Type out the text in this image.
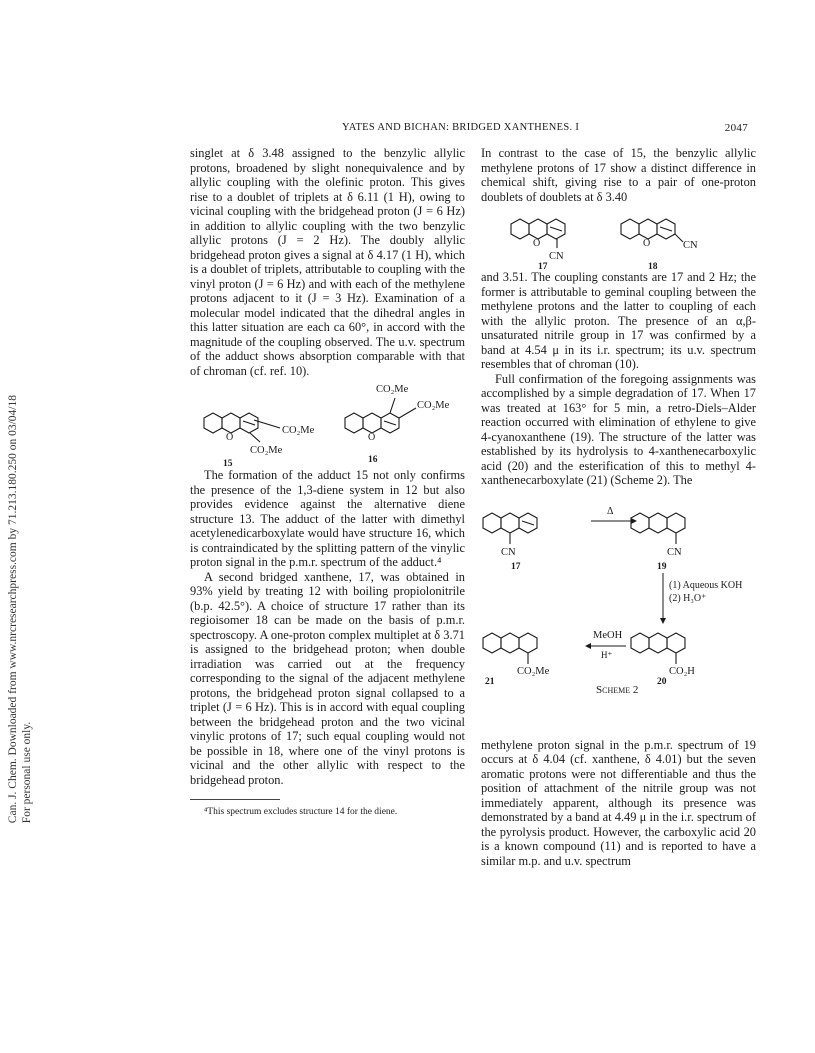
Can. J. Chem. Downloaded from www.nrcresearchpress.com by 71.213.180.250 on 03/04/18 For personal use only.
YATES AND BICHAN: BRIDGED XANTHENES. I	2047

singlet at δ 3.48 assigned to the benzylic allylic protons, broadened by slight nonequivalence and by allylic coupling with the olefinic proton. This gives rise to a doublet of triplets at δ 6.11 (1 H), owing to vicinal coupling with the bridgehead proton (J = 6 Hz) in addition to allylic coupling with the two benzylic allylic protons (J = 2 Hz). The doubly allylic bridgehead proton gives a signal at δ 4.17 (1 H), which is a doublet of triplets, attributable to coupling with the vinyl proton (J = 6 Hz) and with each of the methylene protons adjacent to it (J = 3 Hz). Examination of a molecular model indicated that the dihedral angles in this latter situation are each ca 60°, in accord with the magnitude of the coupling observed. The u.v. spectrum of the adduct shows absorption comparable with that of chroman (cf. ref. 10).

O
CO₂Me
CO₂Me
15
CO₂Me
CO₂Me
O
16

The formation of the adduct 15 not only confirms the presence of the 1,3-diene system in 12 but also provides evidence against the alternative diene structure 13. The adduct of the latter with dimethyl acetylenedicarboxylate would have structure 16, which is contraindicated by the splitting pattern of the vinylic proton signal in the p.m.r. spectrum of the adduct.⁴

A second bridged xanthene, 17, was obtained in 93% yield by treating 12 with boiling propiolonitrile (b.p. 42.5°). A choice of structure 17 rather than its regioisomer 18 can be made on the basis of p.m.r. spectroscopy. A one-proton complex multiplet at δ 3.71 is assigned to the bridgehead proton; when double irradiation was carried out at the frequency corresponding to the signal of the adjacent methylene protons, the bridgehead proton signal collapsed to a triplet (J = 6 Hz). This is in accord with equal coupling between the bridgehead proton and the two vicinal vinylic protons of 17; such equal coupling would not be possible in 18, where one of the vinyl protons is vicinal and the other allylic with respect to the bridgehead proton.

⁴This spectrum excludes structure 14 for the diene.

In contrast to the case of 15, the benzylic allylic methylene protons of 17 show a distinct difference in chemical shift, giving rise to a pair of one-proton doublets of doublets at δ 3.40

O
CN
17
O	CN
18

and 3.51. The coupling constants are 17 and 2 Hz; the former is attributable to geminal coupling between the methylene protons and the latter to coupling of each with the allylic proton. The presence of an α,β-unsaturated nitrile group in 17 was confirmed by a band at 4.54 μ in its i.r. spectrum; its u.v. spectrum resembles that of chroman (10).

Full confirmation of the foregoing assignments was accomplished by a simple degradation of 17. When 17 was treated at 163° for 5 min, a retro-Diels–Alder reaction occurred with elimination of ethylene to give 4-cyanoxanthene (19). The structure of the latter was established by its hydrolysis to 4-xanthenecarboxylic acid (20) and the esterification of this to methyl 4-xanthenecarboxylate (21) (Scheme 2). The

CN
17
Δ
CN
19
(1) Aqueous KOH
(2) H₃O⁺
CO₂H
20
MeOH
H⁺
CO₂Me
21
Scheme 2

methylene proton signal in the p.m.r. spectrum of 19 occurs at δ 4.04 (cf. xanthene, δ 4.01) but the seven aromatic protons were not differentiable and thus the position of attachment of the nitrile group was not immediately apparent, although its presence was demonstrated by a band at 4.49 μ in the i.r. spectrum of the pyrolysis product. However, the carboxylic acid 20 is a known compound (11) and is reported to have a similar m.p. and u.v. spectrum
